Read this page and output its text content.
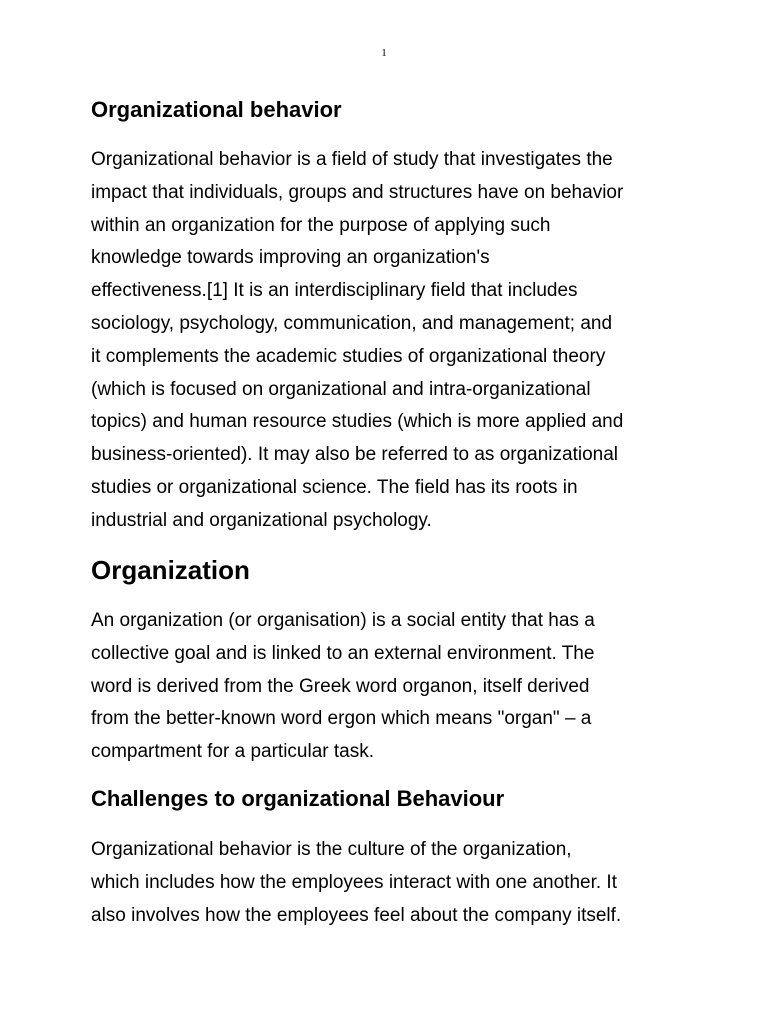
1
Organizational behavior

Organizational behavior is a field of study that investigates the
impact that individuals, groups and structures have on behavior
within an organization for the purpose of applying such
knowledge towards improving an organization's
effectiveness.[1] It is an interdisciplinary field that includes
sociology, psychology, communication, and management; and
it complements the academic studies of organizational theory
(which is focused on organizational and intra-organizational
topics) and human resource studies (which is more applied and
business-oriented). It may also be referred to as organizational
studies or organizational science. The field has its roots in
industrial and organizational psychology.

Organization

An organization (or organisation) is a social entity that has a
collective goal and is linked to an external environment. The
word is derived from the Greek word organon, itself derived
from the better-known word ergon which means "organ" – a
compartment for a particular task.

Challenges to organizational Behaviour

Organizational behavior is the culture of the organization,
which includes how the employees interact with one another. It
also involves how the employees feel about the company itself.
